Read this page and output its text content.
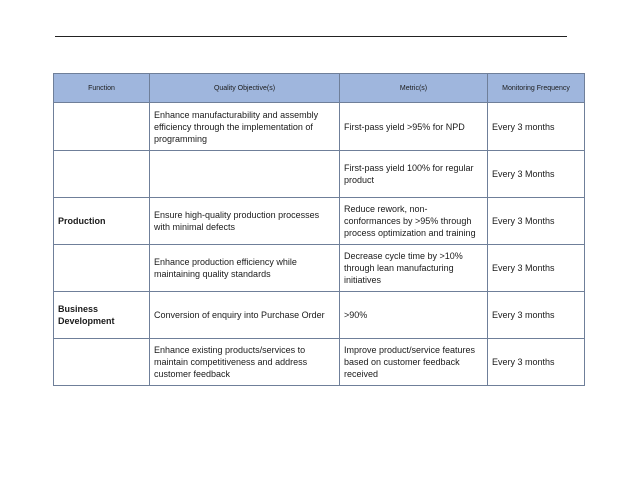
Function	Quality Objective(s)	Metric(s)	Monitoring Frequency
	Enhance manufacturability and assembly efficiency through the implementation of programming	First-pass yield >95% for NPD	Every 3 months
		First-pass yield 100% for regular product	Every 3 Months
Production	Ensure high-quality production processes with minimal defects	Reduce rework, non-conformances by >95% through process optimization and training	Every 3 Months
	Enhance production efficiency while maintaining quality standards	Decrease cycle time by >10% through lean manufacturing initiatives	Every 3 Months
Business Development	Conversion of enquiry into Purchase Order	>90%	Every 3 months
	Enhance existing products/services to maintain competitiveness and address customer feedback	Improve product/service features based on customer feedback received	Every 3 months
